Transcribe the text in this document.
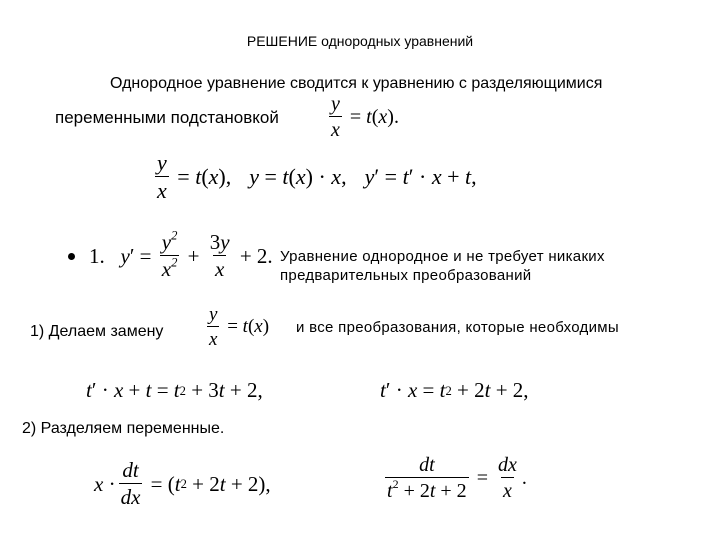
РЕШЕНИЕ однородных уравнений
Однородное уравнение сводится к уравнению с разделяющимися
переменными подстановкой	$\frac{y}{x} = t$ ( x ).
$\frac{y}{x} = t$ ( x ), y = t ( x ) · x , y ′ = t ′ · x + t ,
1. y ′ = $\frac{y^2}{x^2} + \frac{3y}{x} + 2$. Уравнение однородное и не требует никаких
предварительных преобразований
1) Делаем замену $\frac{y}{x} = t$ ( x ) и все преобразования, которые необходимы
t ′ · x + t = t 2 + 3 t + 2,	t ′ · x = t 2 + 2 t + 2,
2) Разделяем переменные.
$x \cdot \frac{dt}{dx}$ = ( t 2 + 2 t + 2),	$\frac{dt}{t^2 + 2t + 2} = \frac{dx}{x}$ .
